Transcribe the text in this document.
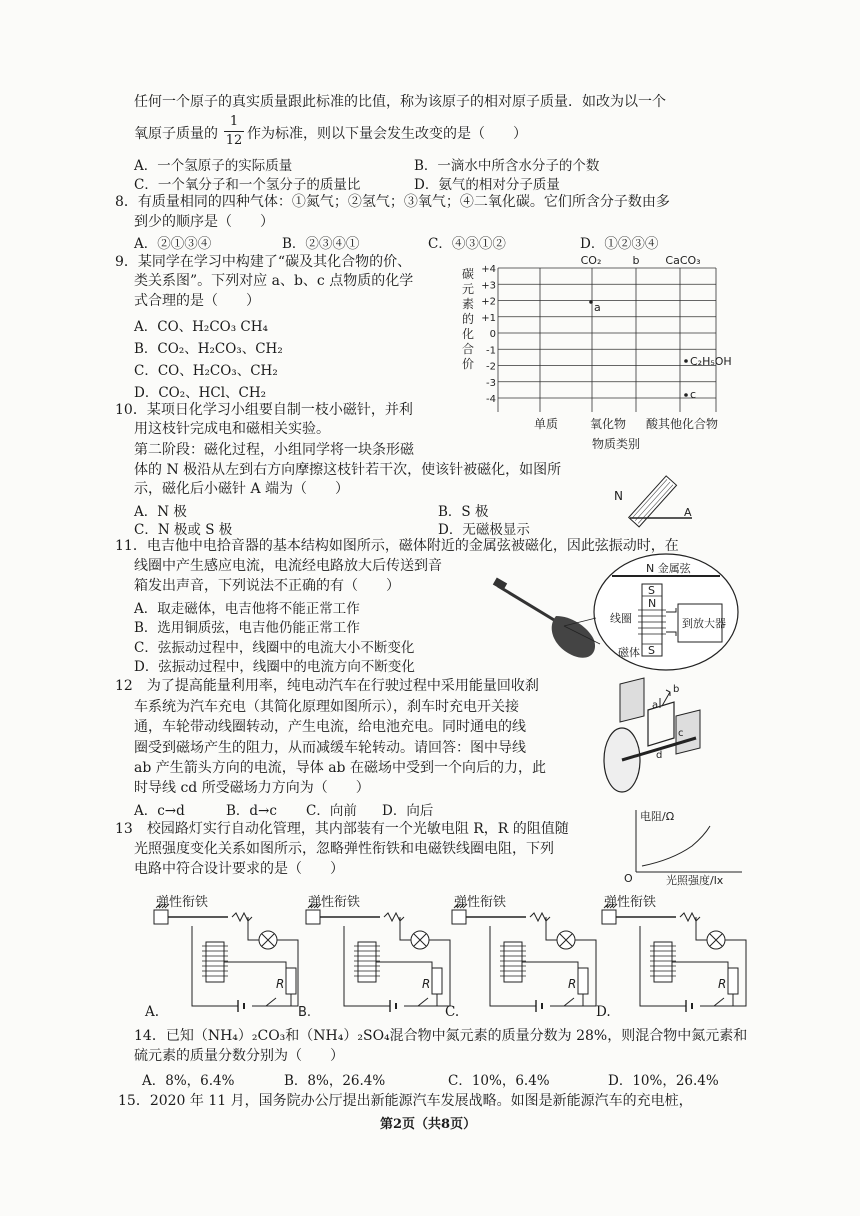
任何一个原子的真实质量跟此标准的比值，称为该原子的相对原子质量．如改为以一个
氧原子质量的
1
12 作为标准，则以下量会发生改变的是（　　）
A．一个氢原子的实际质量	B．一滴水中所含水分子的个数
C．一个氧分子和一个氢分子的质量比	D．氨气的相对分子质量
8．有质量相同的四种气体：①氮气；②氢气；③氧气；④二氧化碳。它们所含分子数由多
到少的顺序是（　　）
A．②①③④	B．②③④①	C．④③①②	D．①②③④
9．某同学在学习中构建了“碳及其化合物的价、
类关系图”。下列对应 a、b、c 点物质的化学
式合理的是（　　）
A．CO、H₂CO₃ CH₄
B．CO₂、H₂CO₃、CH₂
C．CO、H₂CO₃、CH₂
D．CO₂、HCl、CH₂
碳
元
素
的
化
合
价
+4
+3
+2
+1
0
-1
-2
-3
-4
单质	氧化物 酸 其他化合物
物质类别
CO₂	b CaCO₃
a
C₂H₅OH
c
10．某项日化学习小组要自制一枝小磁针，并利
用这枝针完成电和磁相关实验。
第二阶段：磁化过程，小组同学将一块条形磁
体的 N 极沿从左到右方向摩擦这枝针若干次，使该针被磁化，如图所
示，磁化后小磁针 A 端为（　　）
A．N 极	B．S 极
C．N 极或 S 极	D．无磁极显示
N
A
11．电吉他中电拾音器的基本结构如图所示，磁体附近的金属弦被磁化，因此弦振动时，在
线圈中产生感应电流，电流经电路放大后传送到音
箱发出声音，下列说法不正确的有（　　）
A．取走磁体，电吉他将不能正常工作
B．选用铜质弦，电吉他仍能正常工作
C．弦振动过程中，线圈中的电流大小不断变化
D．弦振动过程中，线圈中的电流方向不断变化
N 金属弦
S
N
S
线圈	到放大器
磁体
12　为了提高能量利用率，纯电动汽车在行驶过程中采用能量回收刹
车系统为汽车充电（其简化原理如图所示），刹车时充电开关接
通，车轮带动线圈转动，产生电流，给电池充电。同时通电的线
圈受到磁场产生的阻力，从而减缓车轮转动。请回答：图中导线
ab 产生箭头方向的电流，导体 ab 在磁场中受到一个向后的力，此
时导线 cd 所受磁场力方向为（　　）
A．c→d	B．d→c C．向前 D．向后
a
b
c
d
13　校园路灯实行自动化管理，其内部装有一个光敏电阻 R，R 的阻值随
光照强度变化关系如图所示，忽略弹性衔铁和电磁铁线圈电阻，下列
电路中符合设计要求的是（　　）
电阻/Ω
O	光照强度/lx
弹性衔铁
R
弹性衔铁
R
弹性衔铁
R
弹性衔铁
R
B.
A.	C.	D.
14．已知（NH₄）₂CO₃和（NH₄）₂SO₄混合物中氮元素的质量分数为 28%，则混合物中氮元素和
硫元素的质量分数分别为（　　）
A．8%，6.4%	B．8%，26.4%	C．10%，6.4%	D．10%，26.4%
15．2020 年 11 月，国务院办公厅提出新能源汽车发展战略。如图是新能源汽车的充电桩，
第2页（共8页）
